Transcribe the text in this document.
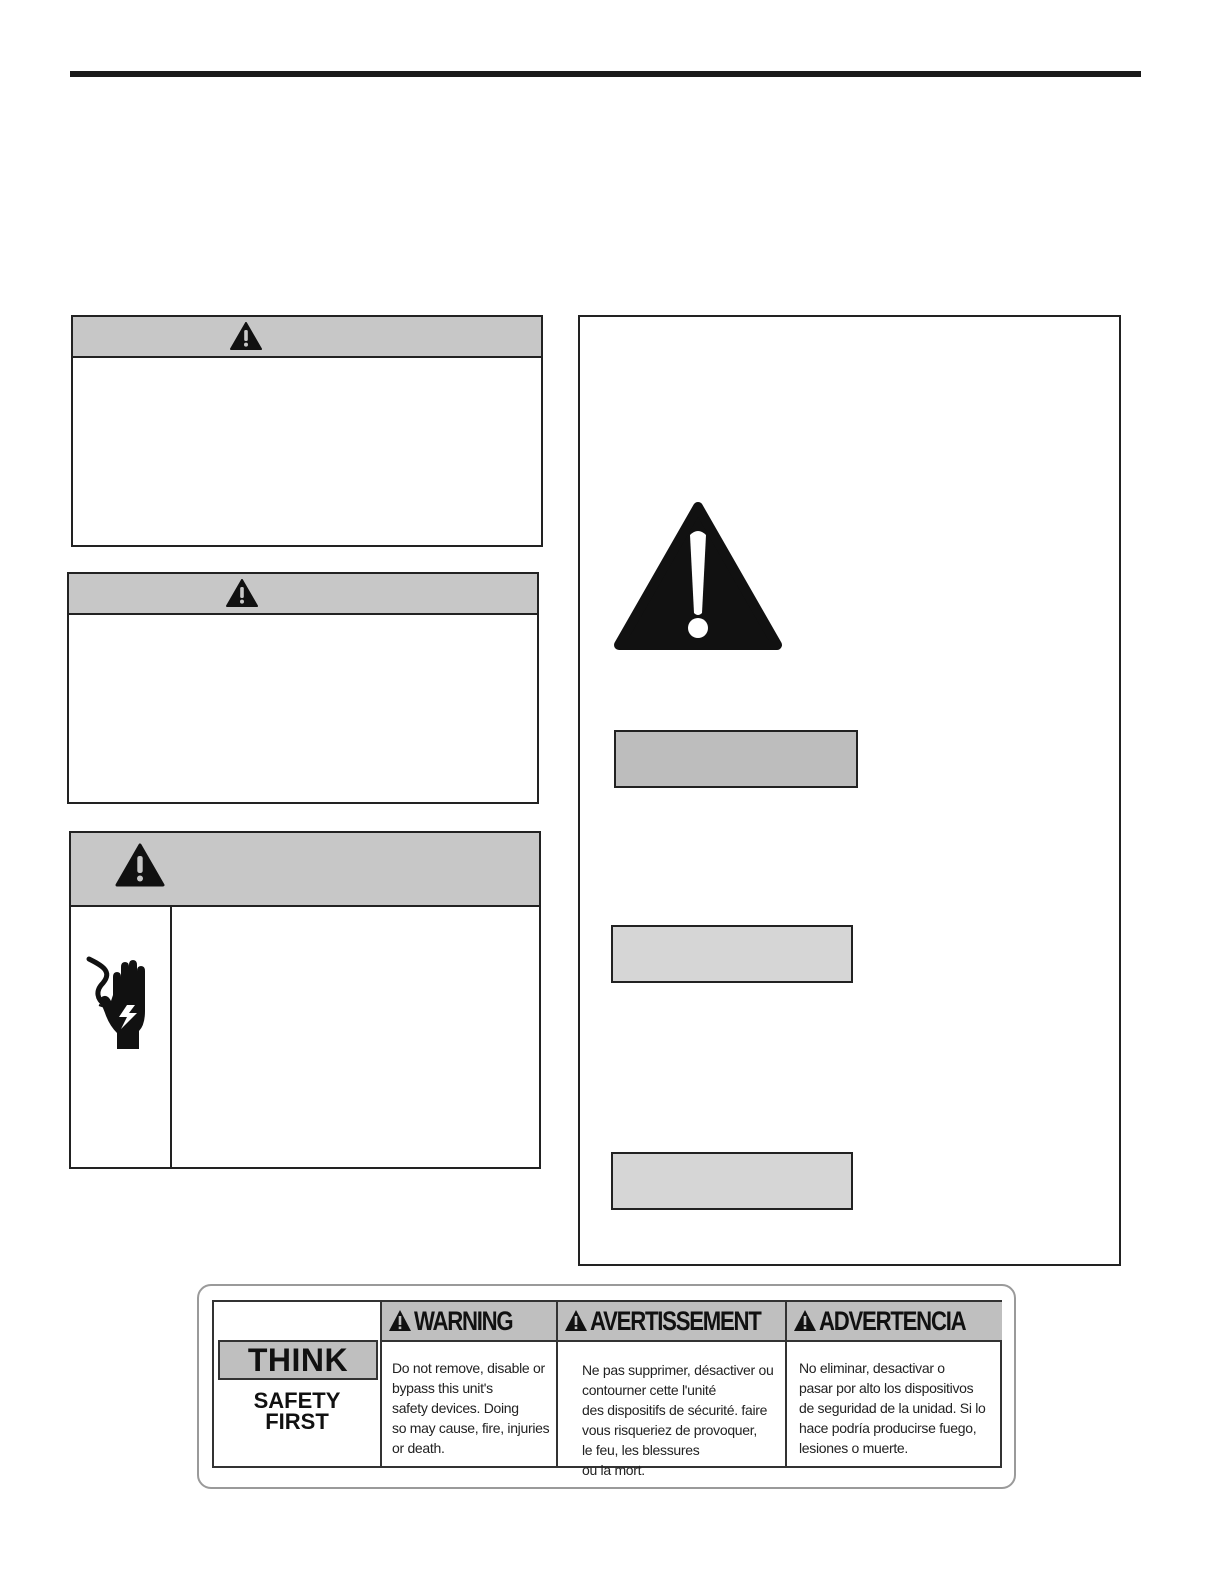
THINK
SAFETY
FIRST
WARNING
Do not remove, disable or
bypass this unit's
safety devices. Doing
so may cause, fire, injuries
or death.
AVERTISSEMENT
Ne pas supprimer, désactiver ou
contourner cette l'unité
des dispositifs de sécurité. faire
vous risqueriez de provoquer,
le feu, les blessures
ou la mort.
ADVERTENCIA
No eliminar, desactivar o
pasar por alto los dispositivos
de seguridad de la unidad. Si lo
hace podría producirse fuego,
lesiones o muerte.
